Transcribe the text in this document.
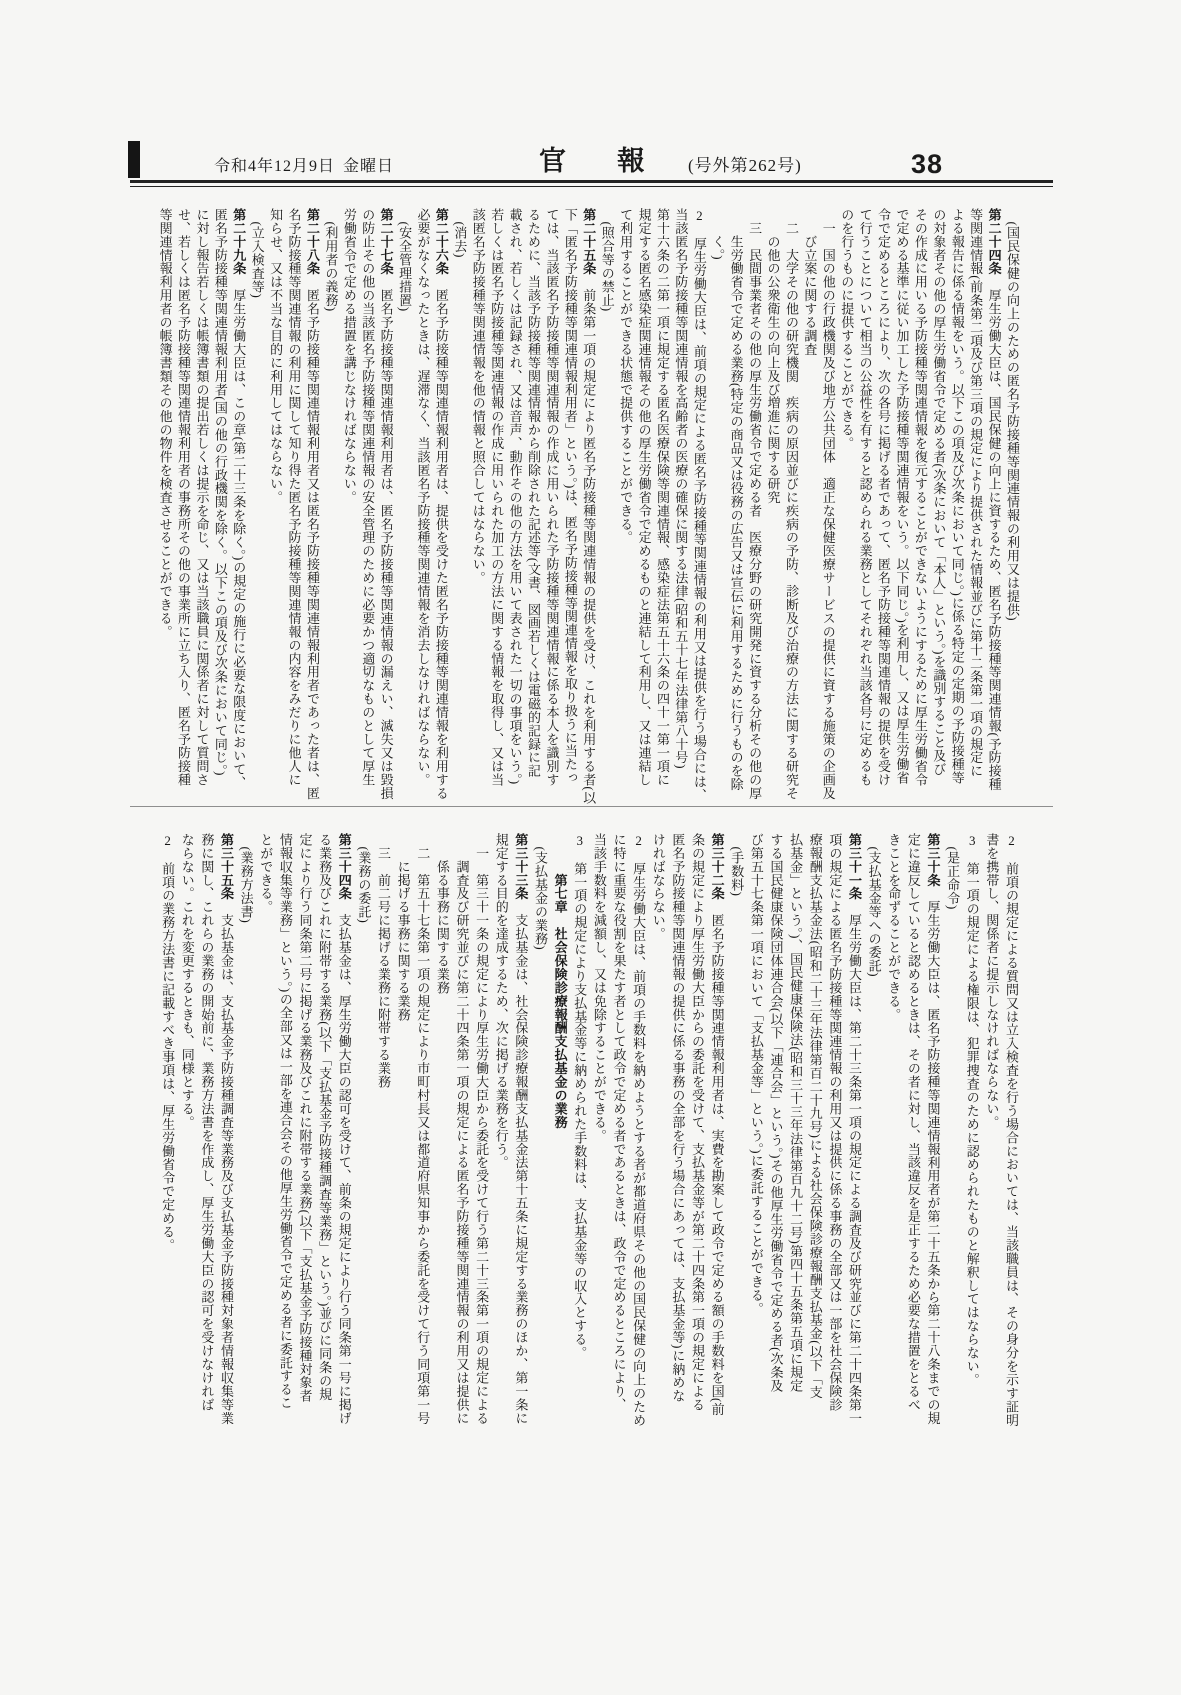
令和4年12月9日 金曜日	官報
(号外第262号)	38
　(国民保健の向上のための匿名予防接種等関連情報の利用又は提供)
第二十四条　厚生労働大臣は、国民保健の向上に資するため、匿名予防接種等関連情報(予防接種
等関連情報(前条第二項及び第三項の規定により提供された情報並びに第十二条第一項の規定に
よる報告に係る情報をいう。以下この項及び次条において同じ。)に係る特定の定期の予防接種等
の対象者その他の厚生労働省令で定める者(次条において「本人」という。)を識別すること及び
その作成に用いる予防接種等関連情報を復元することができないようにするために厚生労働省令
で定める基準に従い加工した予防接種等関連情報をいう。以下同じ。)を利用し、又は厚生労働省
令で定めるところにより、次の各号に掲げる者であって、匿名予防接種等関連情報の提供を受け
て行うことについて相当の公益性を有すると認められる業務としてそれぞれ当該各号に定めるも
のを行うものに提供することができる。
　一　国の他の行政機関及び地方公共団体　適正な保健医療サービスの提供に資する施策の企画及
　　び立案に関する調査
　二　大学その他の研究機関　疾病の原因並びに疾病の予防、診断及び治療の方法に関する研究そ
　　の他の公衆衛生の向上及び増進に関する研究
　三　民間事業者その他の厚生労働省令で定める者　医療分野の研究開発に資する分析その他の厚
　　生労働省令で定める業務(特定の商品又は役務の広告又は宣伝に利用するために行うものを除
　　く。)
2　厚生労働大臣は、前項の規定による匿名予防接種等関連情報の利用又は提供を行う場合には、
当該匿名予防接種等関連情報を高齢者の医療の確保に関する法律(昭和五十七年法律第八十号)
第十六条の二第一項に規定する匿名医療保険等関連情報、感染症法第五十六条の四十一第一項に
規定する匿名感染症関連情報その他の厚生労働省令で定めるものと連結して利用し、又は連結し
て利用することができる状態で提供することができる。
　(照合等の禁止)
第二十五条　前条第一項の規定により匿名予防接種等関連情報の提供を受け、これを利用する者(以
下「匿名予防接種等関連情報利用者」という。)は、匿名予防接種等関連情報を取り扱うに当たっ
ては、当該匿名予防接種等関連情報の作成に用いられた予防接種等関連情報に係る本人を識別す
るために、当該予防接種等関連情報から削除された記述等(文書、図画若しくは電磁的記録に記
載され、若しくは記録され、又は音声、動作その他の方法を用いて表された一切の事項をいう。)
若しくは匿名予防接種等関連情報の作成に用いられた加工の方法に関する情報を取得し、又は当
該匿名予防接種等関連情報を他の情報と照合してはならない。
　(消去)
第二十六条　匿名予防接種等関連情報利用者は、提供を受けた匿名予防接種等関連情報を利用する
必要がなくなったときは、遅滞なく、当該匿名予防接種等関連情報を消去しなければならない。
　(安全管理措置)
第二十七条　匿名予防接種等関連情報利用者は、匿名予防接種等関連情報の漏えい、滅失又は毀損
の防止その他の当該匿名予防接種等関連情報の安全管理のために必要かつ適切なものとして厚生
労働省令で定める措置を講じなければならない。
　(利用者の義務)
第二十八条　匿名予防接種等関連情報利用者又は匿名予防接種等関連情報利用者であった者は、匿
名予防接種等関連情報の利用に関して知り得た匿名予防接種等関連情報の内容をみだりに他人に
知らせ、又は不当な目的に利用してはならない。
　(立入検査等)
第二十九条　厚生労働大臣は、この章(第二十三条を除く。)の規定の施行に必要な限度において、
匿名予防接種等関連情報利用者(国の他の行政機関を除く。以下この項及び次条において同じ。)
に対し報告若しくは帳簿書類の提出若しくは提示を命じ、又は当該職員に関係者に対して質問さ
せ、若しくは匿名予防接種等関連情報利用者の事務所その他の事業所に立ち入り、匿名予防接種
等関連情報利用者の帳簿書類その他の物件を検査させることができる。
2　前項の規定による質問又は立入検査を行う場合においては、当該職員は、その身分を示す証明
書を携帯し、関係者に提示しなければならない。
3　第一項の規定による権限は、犯罪捜査のために認められたものと解釈してはならない。
　(是正命令)
第三十条　厚生労働大臣は、匿名予防接種等関連情報利用者が第二十五条から第二十八条までの規
定に違反していると認めるときは、その者に対し、当該違反を是正するため必要な措置をとるべ
きことを命ずることができる。
　(支払基金等への委託)
第三十一条　厚生労働大臣は、第二十三条第一項の規定による調査及び研究並びに第二十四条第一
項の規定による匿名予防接種等関連情報の利用又は提供に係る事務の全部又は一部を社会保険診
療報酬支払基金法(昭和二十三年法律第百二十九号)による社会保険診療報酬支払基金(以下「支
払基金」という。)、国民健康保険法(昭和三十三年法律第百九十二号)第四十五条第五項に規定
する国民健康保険団体連合会(以下「連合会」という。)その他厚生労働省令で定める者(次条及
び第五十七条第一項において「支払基金等」という。)に委託することができる。
　(手数料)
第三十二条　匿名予防接種等関連情報利用者は、実費を勘案して政令で定める額の手数料を国(前
条の規定により厚生労働大臣からの委託を受けて、支払基金等が第二十四条第一項の規定による
匿名予防接種等関連情報の提供に係る事務の全部を行う場合にあっては、支払基金等)に納めな
ければならない。
2　厚生労働大臣は、前項の手数料を納めようとする者が都道府県その他の国民保健の向上のため
に特に重要な役割を果たす者として政令で定める者であるときは、政令で定めるところにより、
当該手数料を減額し、又は免除することができる。
3　第一項の規定により支払基金等に納められた手数料は、支払基金等の収入とする。
　　　第七章　社会保険診療報酬支払基金の業務
　(支払基金の業務)
第三十三条　支払基金は、社会保険診療報酬支払基金法第十五条に規定する業務のほか、第一条に
規定する目的を達成するため、次に掲げる業務を行う。
　一　第三十一条の規定により厚生労働大臣から委託を受けて行う第二十三条第一項の規定による
　　調査及び研究並びに第二十四条第一項の規定による匿名予防接種等関連情報の利用又は提供に
　　係る事務に関する業務
　二　第五十七条第一項の規定により市町村長又は都道府県知事から委託を受けて行う同項第一号
　　に掲げる事務に関する業務
　三　前二号に掲げる業務に附帯する業務
　(業務の委託)
第三十四条　支払基金は、厚生労働大臣の認可を受けて、前条の規定により行う同条第一号に掲げ
る業務及びこれに附帯する業務(以下「支払基金予防接種調査等業務」という。)並びに同条の規
定により行う同条第二号に掲げる業務及びこれに附帯する業務(以下「支払基金予防接種対象者
情報収集等業務」という。)の全部又は一部を連合会その他厚生労働省令で定める者に委託するこ
とができる。
　(業務方法書)
第三十五条　支払基金は、支払基金予防接種調査等業務及び支払基金予防接種対象者情報収集等業
務に関し、これらの業務の開始前に、業務方法書を作成し、厚生労働大臣の認可を受けなければ
ならない。これを変更するときも、同様とする。
2　前項の業務方法書に記載すべき事項は、厚生労働省令で定める。
